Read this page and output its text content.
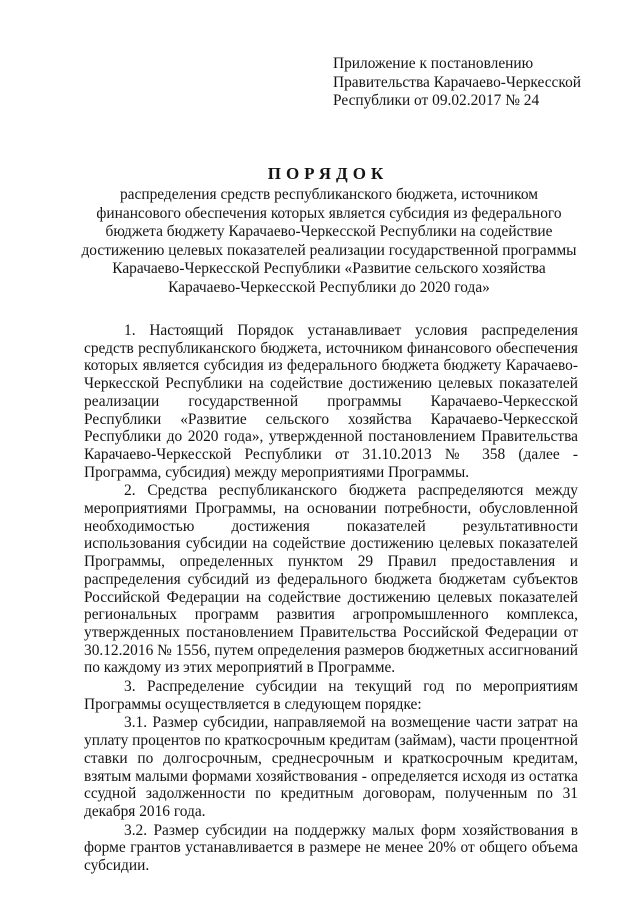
Приложение к постановлению
Правительства Карачаево-Черкесской
Республики от 09.02.2017 № 24
ПОРЯДОК
распределения средств республиканского бюджета, источником
финансового обеспечения которых является субсидия из федерального
бюджета бюджету Карачаево-Черкесской Республики на содействие
достижению целевых показателей реализации государственной программы
Карачаево-Черкесской Республики «Развитие сельского хозяйства
Карачаево-Черкесской Республики до 2020 года»

1. Настоящий Порядок устанавливает условия распределения средств республиканского бюджета, источником финансового обеспечения которых является субсидия из федерального бюджета бюджету Карачаево-Черкесской Республики на содействие достижению целевых показателей реализации государственной программы Карачаево-Черкесской Республики «Развитие сельского хозяйства Карачаево-Черкесской Республики до 2020 года», утвержденной постановлением Правительства Карачаево-Черкесской Республики от 31.10.2013 № 358 (далее - Программа, субсидия) между мероприятиями Программы.

2. Средства республиканского бюджета распределяются между мероприятиями Программы, на основании потребности, обусловленной необходимостью достижения показателей результативности использования субсидии на содействие достижению целевых показателей Программы, определенных пунктом 29 Правил предоставления и распределения субсидий из федерального бюджета бюджетам субъектов Российской Федерации на содействие достижению целевых показателей региональных программ развития агропромышленного комплекса, утвержденных постановлением Правительства Российской Федерации от 30.12.2016 № 1556, путем определения размеров бюджетных ассигнований по каждому из этих мероприятий в Программе.

3. Распределение субсидии на текущий год по мероприятиям Программы осуществляется в следующем порядке:

3.1. Размер субсидии, направляемой на возмещение части затрат на уплату процентов по краткосрочным кредитам (займам), части процентной ставки по долгосрочным, среднесрочным и краткосрочным кредитам, взятым малыми формами хозяйствования - определяется исходя из остатка ссудной задолженности по кредитным договорам, полученным по 31 декабря 2016 года.

3.2. Размер субсидии на поддержку малых форм хозяйствования в форме грантов устанавливается в размере не менее 20% от общего объема субсидии.
